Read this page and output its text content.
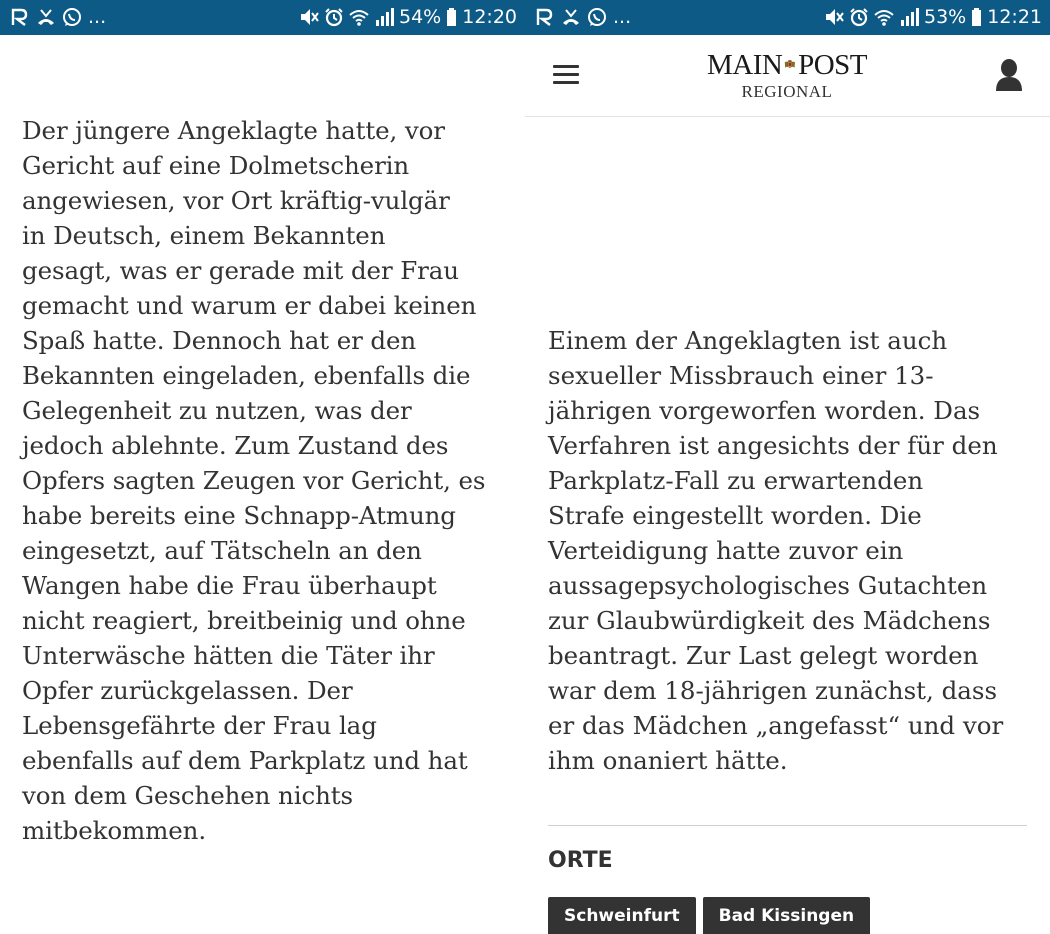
...	54% 12:20
Der jüngere Angeklagte hatte, vor
Gericht auf eine Dolmetscherin
angewiesen, vor Ort kräftig-vulgär
in Deutsch, einem Bekannten
gesagt, was er gerade mit der Frau
gemacht und warum er dabei keinen
Spaß hatte. Dennoch hat er den
Bekannten eingeladen, ebenfalls die
Gelegenheit zu nutzen, was der
jedoch ablehnte. Zum Zustand des
Opfers sagten Zeugen vor Gericht, es
habe bereits eine Schnapp-Atmung
eingesetzt, auf Tätscheln an den
Wangen habe die Frau überhaupt
nicht reagiert, breitbeinig und ohne
Unterwäsche hätten die Täter ihr
Opfer zurückgelassen. Der
Lebensgefährte der Frau lag
ebenfalls auf dem Parkplatz und hat
von dem Geschehen nichts
mitbekommen.
...	53% 12:21
MAIN POST
REGIONAL
Einem der Angeklagten ist auch
sexueller Missbrauch einer 13-
jährigen vorgeworfen worden. Das
Verfahren ist angesichts der für den
Parkplatz-Fall zu erwartenden
Strafe eingestellt worden. Die
Verteidigung hatte zuvor ein
aussagepsychologisches Gutachten
zur Glaubwürdigkeit des Mädchens
beantragt. Zur Last gelegt worden
war dem 18-jährigen zunächst, dass
er das Mädchen „angefasst“ und vor
ihm onaniert hätte.
ORTE
Schweinfurt	Bad Kissingen
